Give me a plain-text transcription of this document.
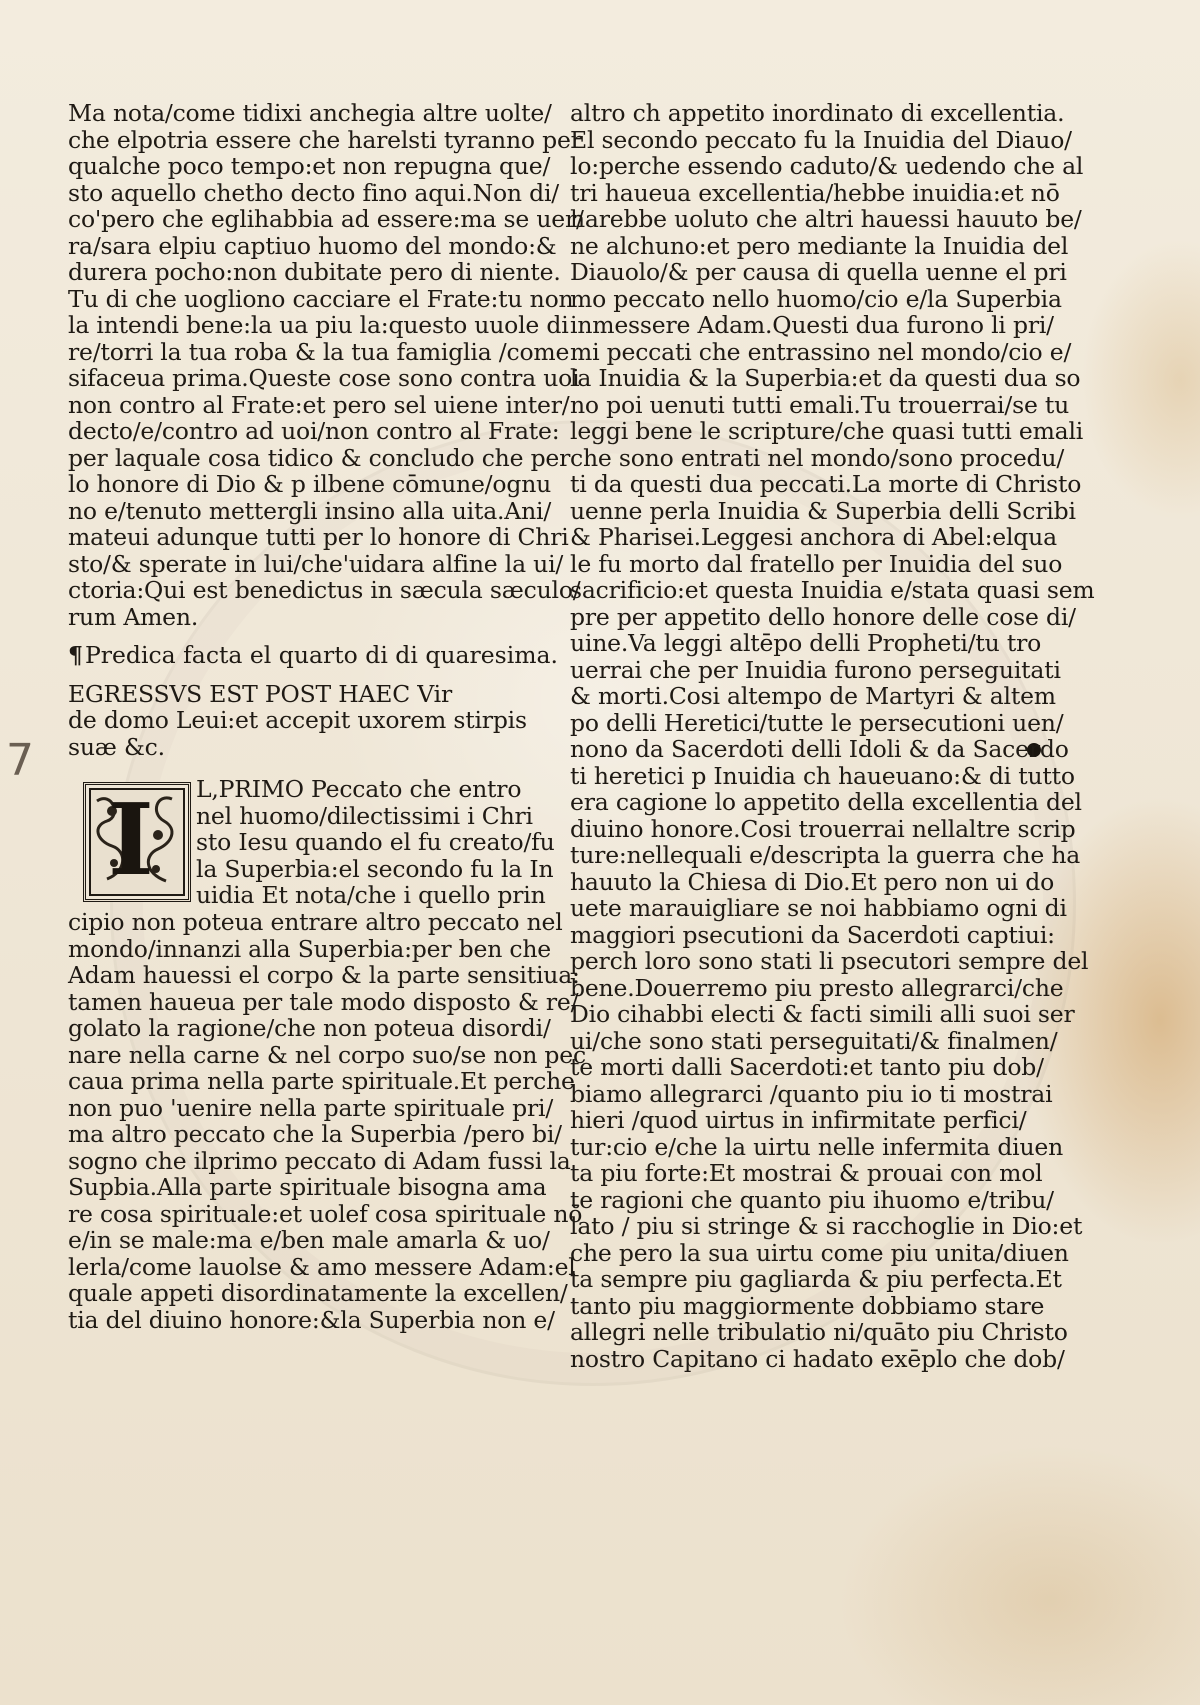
7
Ma nota/come tidixi anchegia altre uolte/
che elpotria essere che harelsti tyranno per
qualche poco tempo:et non repugna que/
sto aquello chetho decto fino aqui.Non di/
co'pero che eglihabbia ad essere:ma se uer/
ra/sara elpiu captiuo huomo del mondo:&
durera pocho:non dubitate pero di niente.
Tu di che uogliono cacciare el Frate:tu non
la intendi bene:la ua piu la:questo uuole di
re/torri la tua roba & la tua famiglia /come
sifaceua prima.Queste cose sono contra uoi
non contro al Frate:et pero sel uiene inter/
decto/e/contro ad uoi/non contro al Frate:
per laquale cosa tidico & concludo che per
lo honore di Dio & p ilbene cōmune/ognu
no e/tenuto mettergli insino alla uita.Ani/
mateui adunque tutti per lo honore di Chri
sto/& sperate in lui/che'uidara alfine la ui/
ctoria:Qui est benedictus in sæcula sæculo/
rum Amen.
¶Predica facta el quarto di di quaresima.
EGRESSVS EST POST HAEC Vir
de domo Leui:et accepit uxorem stirpis
suæ &c.
I L,PRIMO Peccato che entro
nel huomo/dilectissimi i Chri
sto Iesu quando el fu creato/fu
la Superbia:el secondo fu la In
uidia Et nota/che i quello prin
cipio non poteua entrare altro peccato nel
mondo/innanzi alla Superbia:per ben che
Adam hauessi el corpo & la parte sensitiua:
tamen haueua per tale modo disposto & re/
golato la ragione/che non poteua disordi/
nare nella carne & nel corpo suo/se non pec
caua prima nella parte spirituale.Et perche
non puo 'uenire nella parte spirituale pri/
ma altro peccato che la Superbia /pero bi/
sogno che ilprimo peccato di Adam fussi la
Supbia.Alla parte spirituale bisogna ama
re cosa spirituale:et uolef cosa spirituale nō
e/in se male:ma e/ben male amarla & uo/
lerla/come lauolse & amo messere Adam:el
quale appeti disordinatamente la excellen/
tia del diuino honore:&la Superbia non e/
altro ch appetito inordinato di excellentia.
El secondo peccato fu la Inuidia del Diauo/
lo:perche essendo caduto/& uedendo che al
tri haueua excellentia/hebbe inuidia:et nō
harebbe uoluto che altri hauessi hauuto be/
ne alchuno:et pero mediante la Inuidia del
Diauolo/& per causa di quella uenne el pri
mo peccato nello huomo/cio e/la Superbia
inmessere Adam.Questi dua furono li pri/
mi peccati che entrassino nel mondo/cio e/
la Inuidia & la Superbia:et da questi dua so
no poi uenuti tutti emali.Tu trouerrai/se tu
leggi bene le scripture/che quasi tutti emali
che sono entrati nel mondo/sono procedu/
ti da questi dua peccati.La morte di Christo
uenne perla Inuidia & Superbia delli Scribi
& Pharisei.Leggesi anchora di Abel:elqua
le fu morto dal fratello per Inuidia del suo
sacrificio:et questa Inuidia e/stata quasi sem
pre per appetito dello honore delle cose di/
uine.Va leggi altēpo delli Propheti/tu tro
uerrai che per Inuidia furono perseguitati
& morti.Cosi altempo de Martyri & altem
po delli Heretici/tutte le persecutioni uen/
nono da Sacerdoti delli Idoli & da Sacerdo
ti heretici p Inuidia ch haueuano:& di tutto
era cagione lo appetito della excellentia del
diuino honore.Cosi trouerrai nellaltre scrip
ture:nellequali e/descripta la guerra che ha
hauuto la Chiesa di Dio.Et pero non ui do
uete marauigliare se noi habbiamo ogni di
maggiori psecutioni da Sacerdoti captiui:
perch loro sono stati li psecutori sempre del
bene.Douerremo piu presto allegrarci/che
Dio cihabbi electi & facti simili alli suoi ser
ui/che sono stati perseguitati/& finalmen/
te morti dalli Sacerdoti:et tanto piu dob/
biamo allegrarci /quanto piu io ti mostrai
hieri /quod uirtus in infirmitate perfici/
tur:cio e/che la uirtu nelle infermita diuen
ta piu forte:Et mostrai & prouai con mol
te ragioni che quanto piu ihuomo e/tribu/
lato / piu si stringe & si racchoglie in Dio:et
che pero la sua uirtu come piu unita/diuen
ta sempre piu gagliarda & piu perfecta.Et
tanto piu maggiormente dobbiamo stare
allegri nelle tribulatio ni/quāto piu Christo
nostro Capitano ci hadato exēplo che dob/
